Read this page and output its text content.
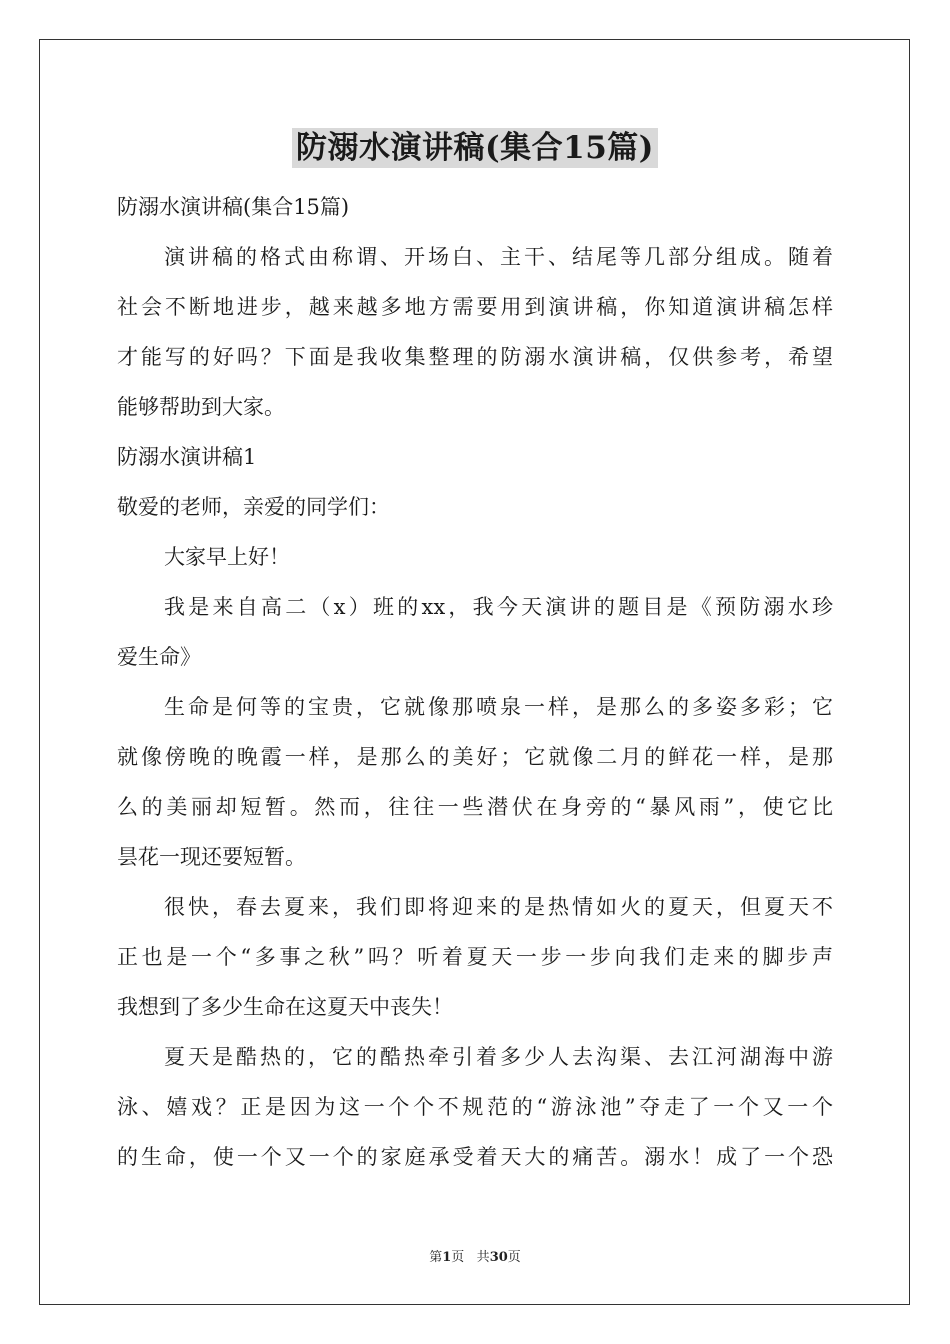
防溺水演讲稿(集合15篇)
防溺水演讲稿(集合15篇)
演讲稿的格式由称谓、开场白、主干、结尾等几部分组成。随着
社会不断地进步，越来越多地方需要用到演讲稿，你知道演讲稿怎样
才能写的好吗？下面是我收集整理的防溺水演讲稿，仅供参考，希望
能够帮助到大家。
防溺水演讲稿1
敬爱的老师，亲爱的同学们：
大家早上好！
我是来自高二（x）班的xx，我今天演讲的题目是《预防溺水珍
爱生命》
生命是何等的宝贵，它就像那喷泉一样，是那么的多姿多彩；它
就像傍晚的晚霞一样，是那么的美好；它就像二月的鲜花一样，是那
么的美丽却短暂。然而，往往一些潜伏在身旁的“暴风雨”，使它比
昙花一现还要短暂。
很快，春去夏来，我们即将迎来的是热情如火的夏天，但夏天不
正也是一个“多事之秋”吗？听着夏天一步一步向我们走来的脚步声
我想到了多少生命在这夏天中丧失！
夏天是酷热的，它的酷热牵引着多少人去沟渠、去江河湖海中游
泳、嬉戏？正是因为这一个个不规范的“游泳池”夺走了一个又一个
的生命，使一个又一个的家庭承受着天大的痛苦。溺水！成了一个恐
第1页 共30页
